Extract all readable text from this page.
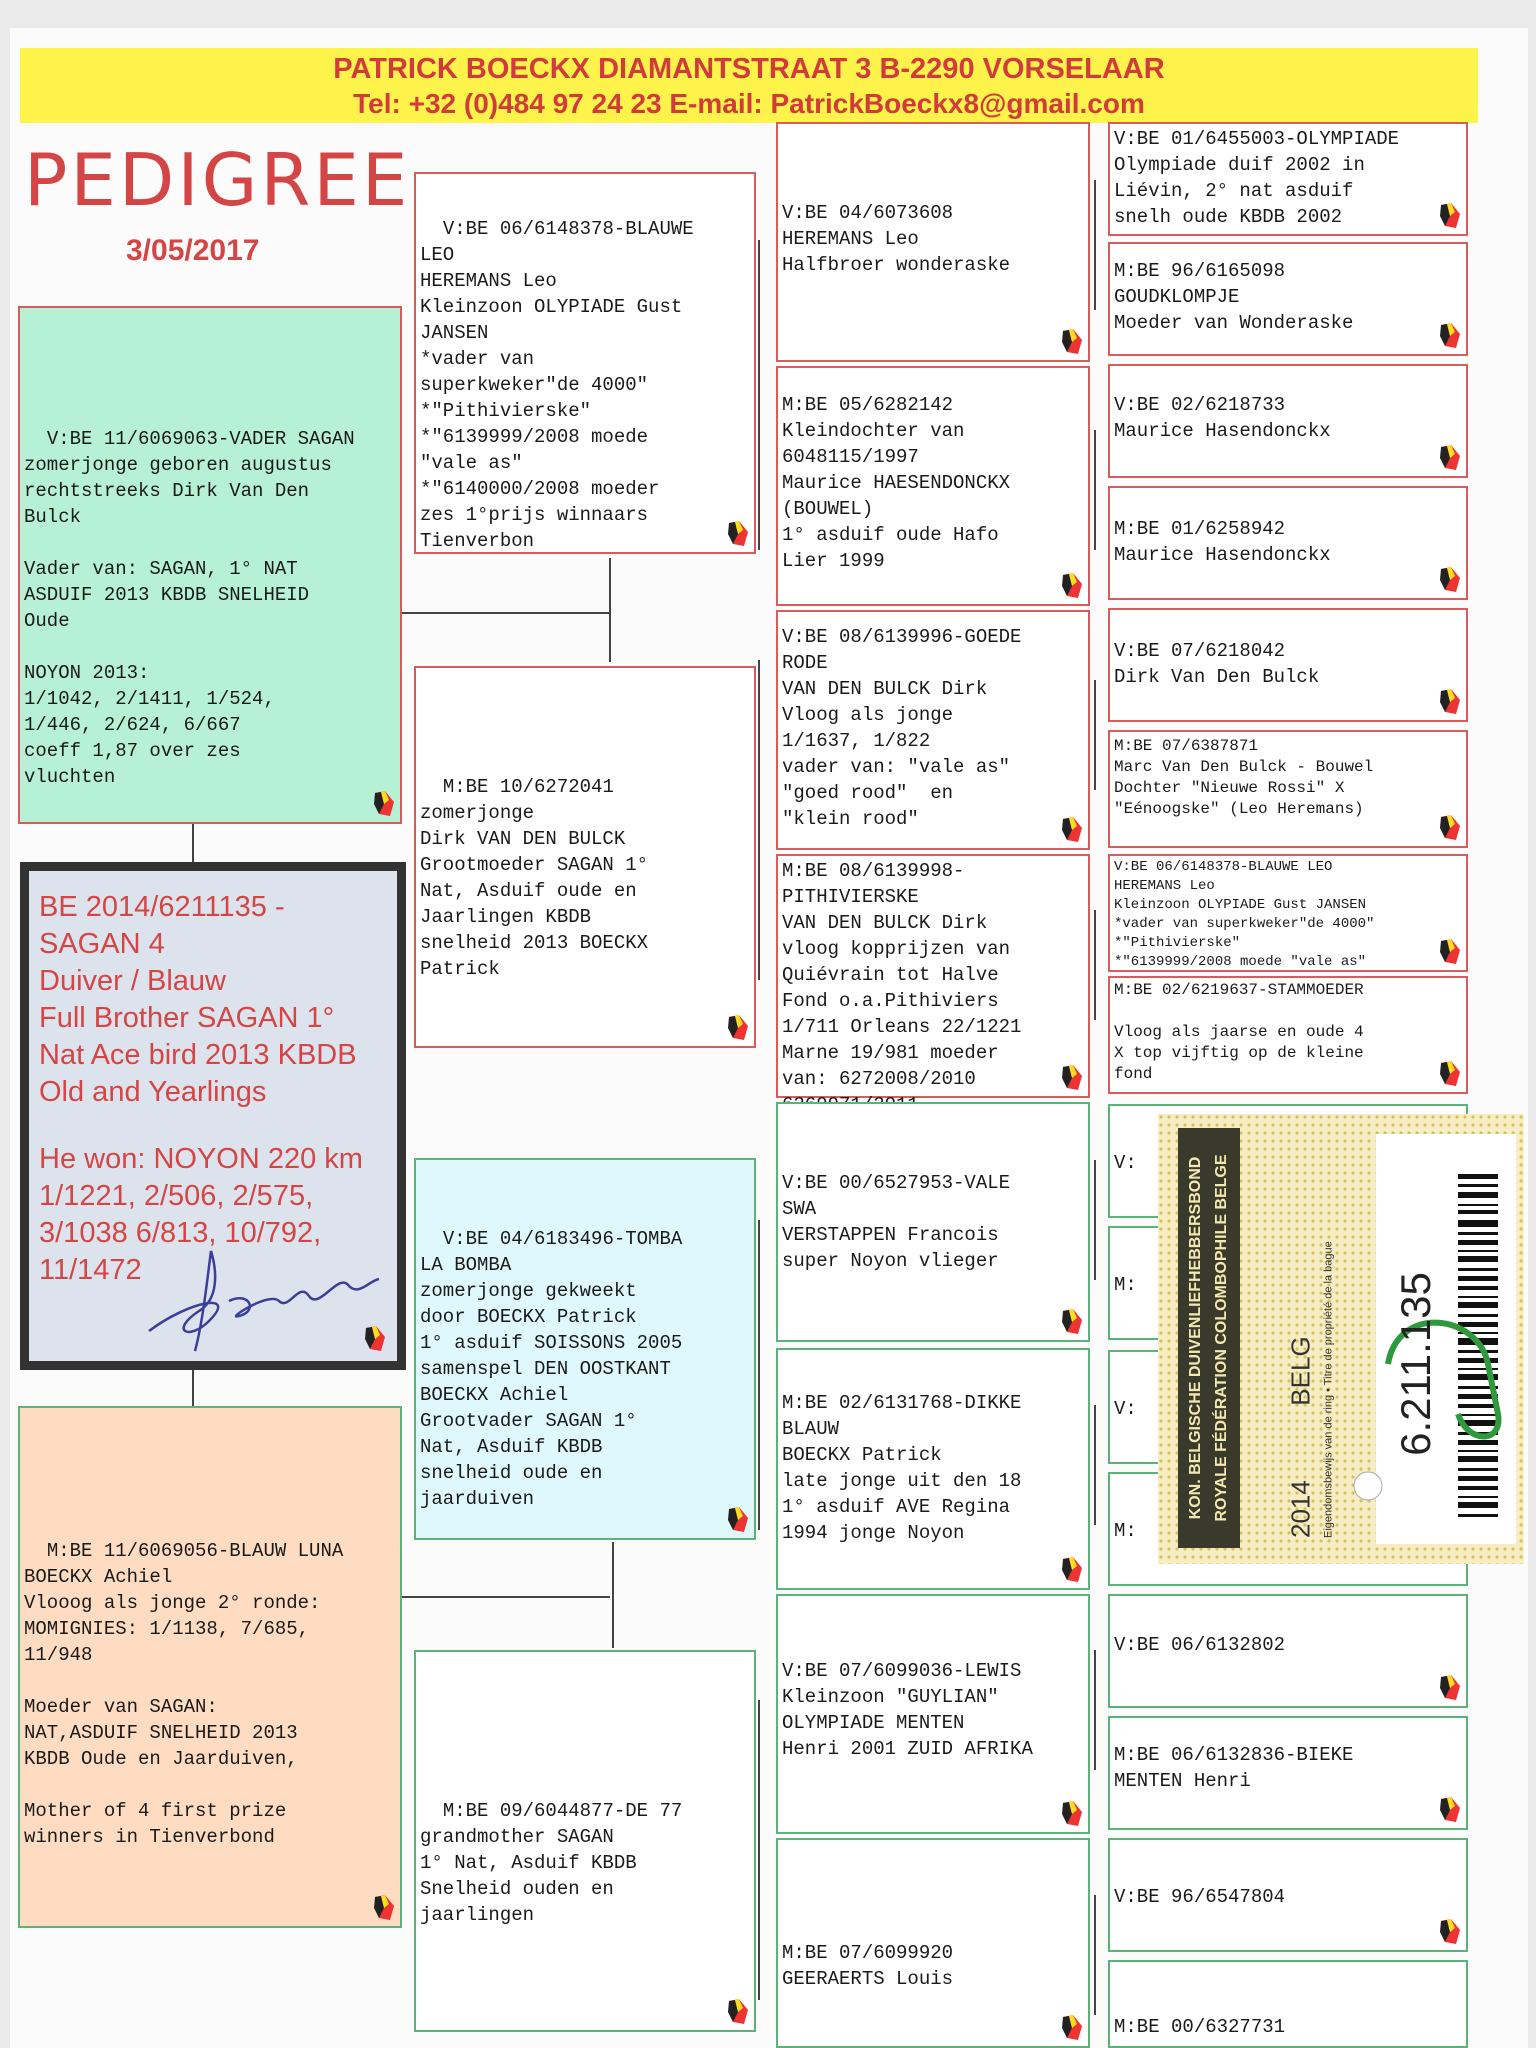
PATRICK BOECKX DIAMANTSTRAAT 3 B-2290 VORSELAAR
Tel: +32 (0)484 97 24 23 E-mail: PatrickBoeckx8@gmail.com
PEDIGREE
3/05/2017

V:BE 11/6069063-VADER SAGAN
zomerjonge geboren augustus
rechtstreeks Dirk Van Den
Bulck

Vader van: SAGAN, 1° NAT
ASDUIF 2013 KBDB SNELHEID
Oude

NOYON 2013:
1/1042, 2/1411, 1/524,
1/446, 2/624, 6/667
coeff 1,87 over zes
vluchten

BE 2014/6211135 -
SAGAN 4
Duiver / Blauw
Full Brother SAGAN 1°
Nat Ace bird 2013 KBDB
Old and Yearlings
He won: NOYON 220 km
1/1221, 2/506, 2/575,
3/1038 6/813, 10/792,
11/1472

M:BE 11/6069056-BLAUW LUNA
BOECKX Achiel
Vlooog als jonge 2° ronde:
MOMIGNIES: 1/1138, 7/685,
11/948

Moeder van SAGAN:
NAT,ASDUIF SNELHEID 2013
KBDB Oude en Jaarduiven,

Mother of 4 first prize
winners in Tienverbond

V:BE 06/6148378-BLAUWE
LEO
HEREMANS Leo
Kleinzoon OLYPIADE Gust
JANSEN
*vader van
superkweker"de 4000"
*"Pithivierske"
*"6139999/2008 moede
"vale as"
*"6140000/2008 moeder
zes 1°prijs winnaars
Tienverbon

M:BE 10/6272041
zomerjonge
Dirk VAN DEN BULCK
Grootmoeder SAGAN 1°
Nat, Asduif oude en
Jaarlingen KBDB
snelheid 2013 BOECKX
Patrick

V:BE 04/6183496-TOMBA
LA BOMBA
zomerjonge gekweekt
door BOECKX Patrick
1° asduif SOISSONS 2005
samenspel DEN OOSTKANT
BOECKX Achiel
Grootvader SAGAN 1°
Nat, Asduif KBDB
snelheid oude en
jaarduiven

M:BE 09/6044877-DE 77
grandmother SAGAN
1° Nat, Asduif KBDB
Snelheid ouden en
jaarlingen

V:BE 04/6073608
HEREMANS Leo
Halfbroer wonderaske

M:BE 05/6282142
Kleindochter van
6048115/1997
Maurice HAESENDONCKX
(BOUWEL)
1° asduif oude Hafo
Lier 1999

V:BE 08/6139996-GOEDE
RODE
VAN DEN BULCK Dirk
Vloog als jonge
1/1637, 1/822
vader van: "vale as"
"goed rood"  en
"klein rood"

M:BE 08/6139998-
PITHIVIERSKE
VAN DEN BULCK Dirk
vloog kopprijzen van
Quiévrain tot Halve
Fond o.a.Pithiviers
1/711 Orleans 22/1221
Marne 19/981 moeder
van: 6272008/2010

V:BE 00/6527953-VALE
SWA
VERSTAPPEN Francois
super Noyon vlieger

M:BE 02/6131768-DIKKE
BLAUW
BOECKX Patrick
late jonge uit den 18
1° asduif AVE Regina
1994 jonge Noyon

V:BE 07/6099036-LEWIS
Kleinzoon "GUYLIAN"
OLYMPIADE MENTEN
Henri 2001 ZUID AFRIKA

M:BE 07/6099920
GEERAERTS Louis

V:BE 01/6455003-OLYMPIADE
Olympiade duif 2002 in
Liévin, 2° nat asduif
snelh oude KBDB 2002

M:BE 96/6165098
GOUDKLOMPJE
Moeder van Wonderaske

V:BE 02/6218733
Maurice Hasendonckx

M:BE 01/6258942
Maurice Hasendonckx

V:BE 07/6218042
Dirk Van Den Bulck

M:BE 07/6387871
Marc Van Den Bulck - Bouwel
Dochter "Nieuwe Rossi" X
"Eénoogske" (Leo Heremans)

V:BE 06/6148378-BLAUWE LEO
HEREMANS Leo
Kleinzoon OLYPIADE Gust JANSEN
*vader van superkweker"de 4000"
*"Pithivierske"
*"6139999/2008 moede "vale as"

M:BE 02/6219637-STAMMOEDER

Vloog als jaarse en oude 4
X top vijftig op de kleine
fond

V:
M:
V:
M:
V:BE 06/6132802

M:BE 06/6132836-BIEKE
MENTEN Henri

V:BE 96/6547804

M:BE 00/6327731
KON. BELGISCHE DUIVENLIEFHEBBERSBOND ROYALE FÉDÉRATION COLOMBOPHILE BELGE 2014 BELG Eigendomsbewijs van de ring • Titre de propriété de la bague 6.211.135
